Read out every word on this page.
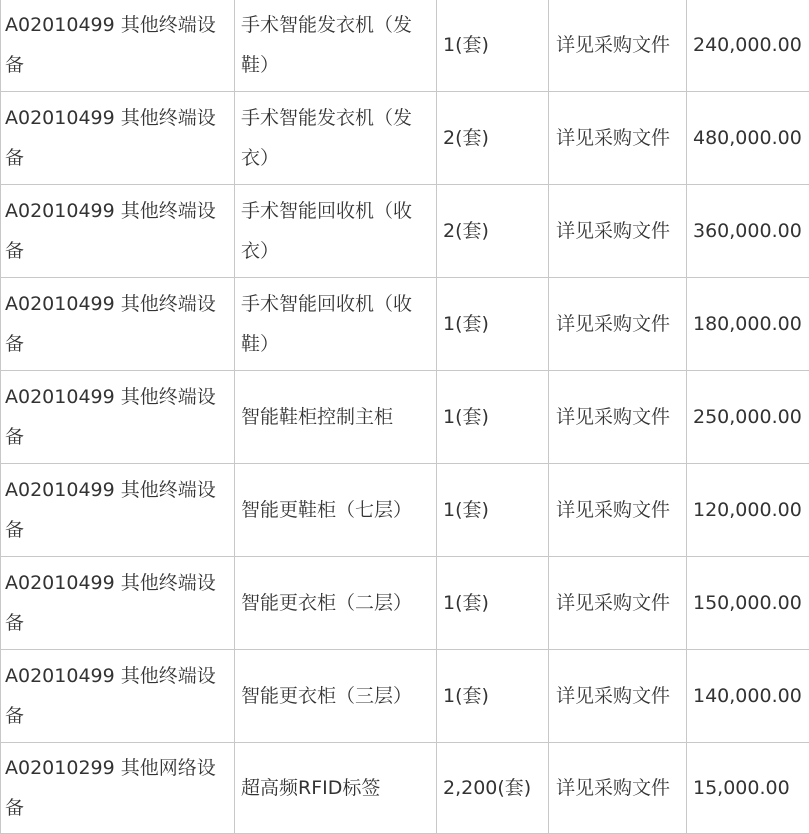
A02010499 其他终端设备	手术智能发衣机（发鞋）	1(套)	详见采购文件	240,000.00
A02010499 其他终端设备	手术智能发衣机（发衣）	2(套)	详见采购文件	480,000.00
A02010499 其他终端设备	手术智能回收机（收衣）	2(套)	详见采购文件	360,000.00
A02010499 其他终端设备	手术智能回收机（收鞋）	1(套)	详见采购文件	180,000.00
A02010499 其他终端设备	智能鞋柜控制主柜	1(套)	详见采购文件	250,000.00
A02010499 其他终端设备	智能更鞋柜（七层）	1(套)	详见采购文件	120,000.00
A02010499 其他终端设备	智能更衣柜（二层）	1(套)	详见采购文件	150,000.00
A02010499 其他终端设备	智能更衣柜（三层）	1(套)	详见采购文件	140,000.00
A02010299 其他网络设备	超高频RFID标签	2,200(套)	详见采购文件	15,000.00
